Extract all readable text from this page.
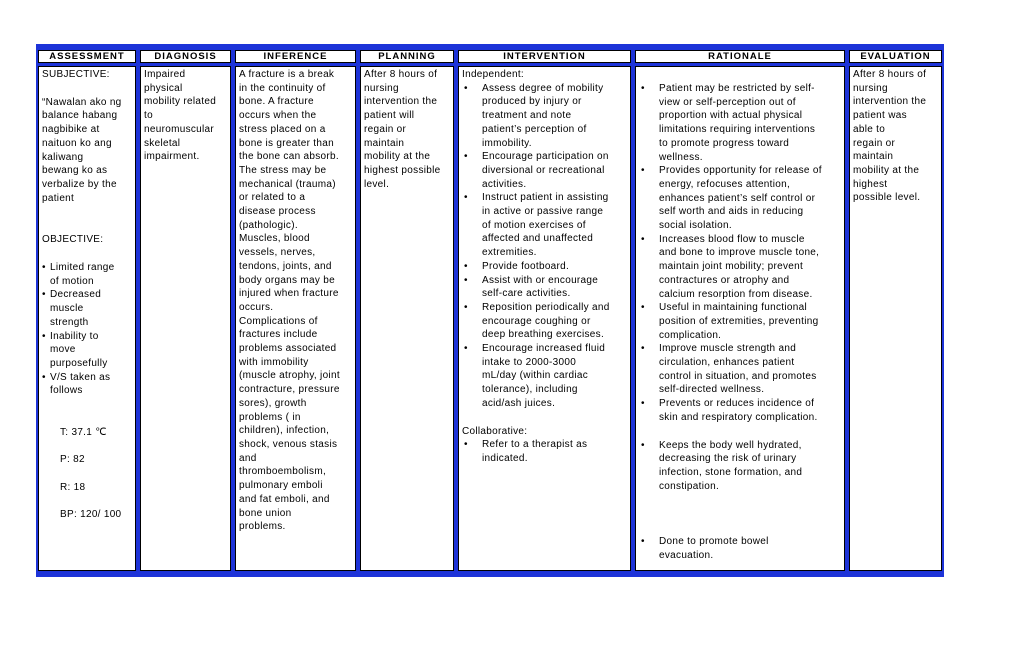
ASSESSMENT
SUBJECTIVE:
“Nawalan ako ng
balance habang
nagbibike at
naituon ko ang
kaliwang
bewang ko as
verbalize by the
patient
OBJECTIVE:
• Limited range
of motion
• Decreased
muscle
strength
• Inability to
move
purposefully
• V/S taken as
follows

T: 37.1 ℃

P: 82

R: 18

BP: 120/ 100

DIAGNOSIS
Impaired
physical
mobility related
to
neuromuscular
skeletal
impairment.
INFERENCE
A fracture is a break
in the continuity of
bone. A fracture
occurs when the
stress placed on a
bone is greater than
the bone can absorb.
The stress may be
mechanical (trauma)
or related to a
disease process
(pathologic).
Muscles, blood
vessels, nerves,
tendons, joints, and
body organs may be
injured when fracture
occurs.
Complications of
fractures include
problems associated
with immobility
(muscle atrophy, joint
contracture, pressure
sores), growth
problems ( in
children), infection,
shock, venous stasis
and
thromboembolism,
pulmonary emboli
and fat emboli, and
bone union
problems.
PLANNING
After 8 hours of
nursing
intervention the
patient will
regain or
maintain
mobility at the
highest possible
level.
INTERVENTION
Independent:
• Assess degree of mobility
produced by injury or
treatment and note
patient’s perception of
immobility.
• Encourage participation on
diversional or recreational
activities.
• Instruct patient in assisting
in active or passive range
of motion exercises of
affected and unaffected
extremities.
• Provide footboard.
• Assist with or encourage
self-care activities.
• Reposition periodically and
encourage coughing or
deep breathing exercises.
• Encourage increased fluid
intake to 2000-3000
mL/day (within cardiac
tolerance), including
acid/ash juices.
Collaborative:
• Refer to a therapist as
indicated.
RATIONALE
• Patient may be restricted by self-
view or self-perception out of
proportion with actual physical
limitations requiring interventions
to promote progress toward
wellness.
• Provides opportunity for release of
energy, refocuses attention,
enhances patient’s self control or
self worth and aids in reducing
social isolation.
• Increases blood flow to muscle
and bone to improve muscle tone,
maintain joint mobility; prevent
contractures or atrophy and
calcium resorption from disease.
• Useful in maintaining functional
position of extremities, preventing
complication.
• Improve muscle strength and
circulation, enhances patient
control in situation, and promotes
self-directed wellness.
• Prevents or reduces incidence of
skin and respiratory complication.
• Keeps the body well hydrated,
decreasing the risk of urinary
infection, stone formation, and
constipation.
• Done to promote bowel
evacuation.
EVALUATION
After 8 hours of
nursing
intervention the
patient was
able to
regain or
maintain
mobility at the
highest
possible level.
